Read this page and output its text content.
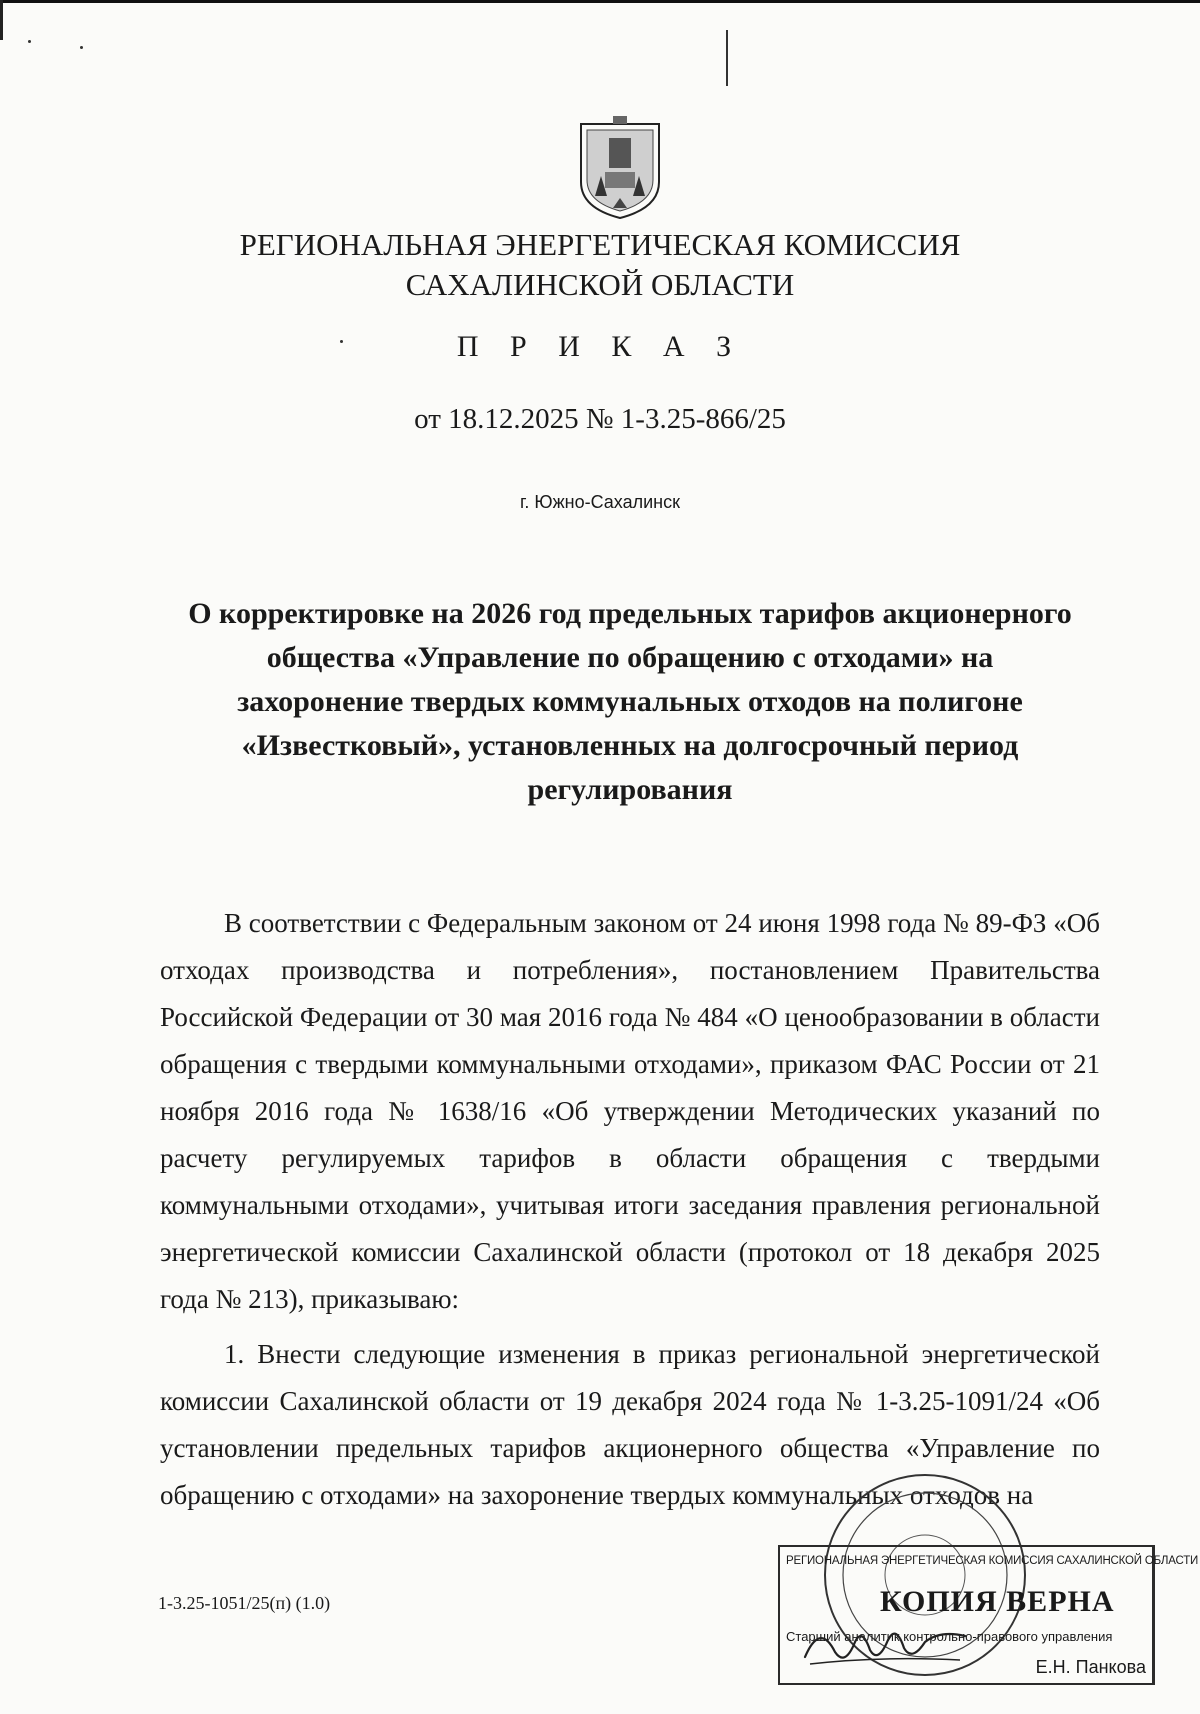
РЕГИОНАЛЬНАЯ ЭНЕРГЕТИЧЕСКАЯ КОМИССИЯ
САХАЛИНСКОЙ ОБЛАСТИ
П Р И К А З
от 18.12.2025 № 1-3.25-866/25
г. Южно-Сахалинск
О корректировке на 2026 год предельных тарифов акционерного
общества «Управление по обращению с отходами» на
захоронение твердых коммунальных отходов на полигоне
«Известковый», установленных на долгосрочный период
регулирования

В соответствии с Федеральным законом от 24 июня 1998 года № 89-ФЗ «Об отходах производства и потребления», постановлением Правительства Российской Федерации от 30 мая 2016 года № 484 «О ценообразовании в области обращения с твердыми коммунальными отходами», приказом ФАС России от 21 ноября 2016 года № 1638/16 «Об утверждении Методических указаний по расчету регулируемых тарифов в области обращения с твердыми коммунальными отходами», учитывая итоги заседания правления региональной энергетической комиссии Сахалинской области (протокол от 18 декабря 2025 года № 213), приказываю:

1. Внести следующие изменения в приказ региональной энергетической комиссии Сахалинской области от 19 декабря 2024 года № 1-3.25-1091/24 «Об установлении предельных тарифов акционерного общества «Управление по обращению с отходами» на захоронение твердых коммунальных отходов на

1-3.25-1051/25(п) (1.0)
РЕГИОНАЛЬНАЯ ЭНЕРГЕТИЧЕСКАЯ КОМИССИЯ САХАЛИНСКОЙ ОБЛАСТИ
КОПИЯ ВЕРНА
Старший аналитик контрольно-правового управления
Е.Н. Панкова
